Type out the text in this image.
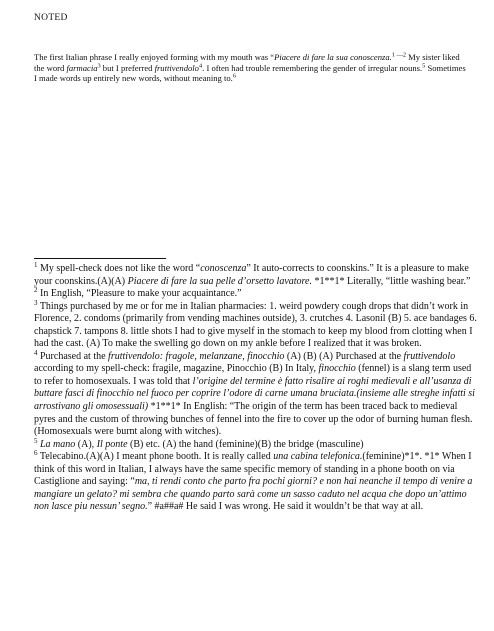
NOTED

The first Italian phrase I really enjoyed forming with my mouth was “Piacere di fare la sua conoscenza.$^{1 —2}$ My sister liked the word farmacia$^3$ but I preferred fruttivendolo$^4$. I often had trouble remembering the gender of irregular nouns.$^5$ Sometimes I made words up entirely new words, without meaning to.$^6$

$^1$ My spell-check does not like the word “conoscenza” It auto-corrects to coonskins.” It is a pleasure to make your coonskins.(A)(A) Piacere di fare la sua pelle d’orsetto lavatore. *1**1* Literally, “little washing bear.”

$^2$ In English, “Pleasure to make your acquaintance.”

$^3$ Things purchased by me or for me in Italian pharmacies: 1. weird powdery cough drops that didn’t work in Florence, 2. condoms (primarily from vending machines outside), 3. crutches 4. Lasonil (B) 5. ace bandages 6. chapstick 7. tampons 8. little shots I had to give myself in the stomach to keep my blood from clotting when I had the cast. (A) To make the swelling go down on my ankle before I realized that it was broken.

$^4$ Purchased at the fruttivendolo: fragole, melanzane, finocchio (A) (B) (A) Purchased at the fruttivendolo according to my spell-check: fragile, magazine, Pinocchio (B) In Italy, finocchio (fennel) is a slang term used to refer to homosexuals. I was told that l’origine del termine è fatto risalire ai roghi medievali e all’usanza di buttare fasci di finocchio nel fuoco per coprire l’odore di carne umana bruciata.(insieme alle streghe infatti si arrostivano gli omosessuali) *1**1* In English: “The origin of the term has been traced back to medieval pyres and the custom of throwing bunches of fennel into the fire to cover up the odor of burning human flesh. (Homosexuals were burnt along with witches).

$^5$ La mano (A), Il ponte (B) etc. (A) the hand (feminine)(B) the bridge (masculine)

$^6$ Telecabino.(A)(A) I meant phone booth. It is really called una cabina telefonica.(feminine)*1*. *1* When I think of this word in Italian, I always have the same specific memory of standing in a phone booth on via Castiglione and saying: “ma, ti rendi conto che parto fra pochi giorni? e non hai neanche il tempo di venire a mangiare un gelato? mi sembra che quando parto sarà come un sasso caduto nel acqua che dopo un’attimo non lasce piu nessun’ segno.” #a##a# He said I was wrong. He said it wouldn’t be that way at all.
